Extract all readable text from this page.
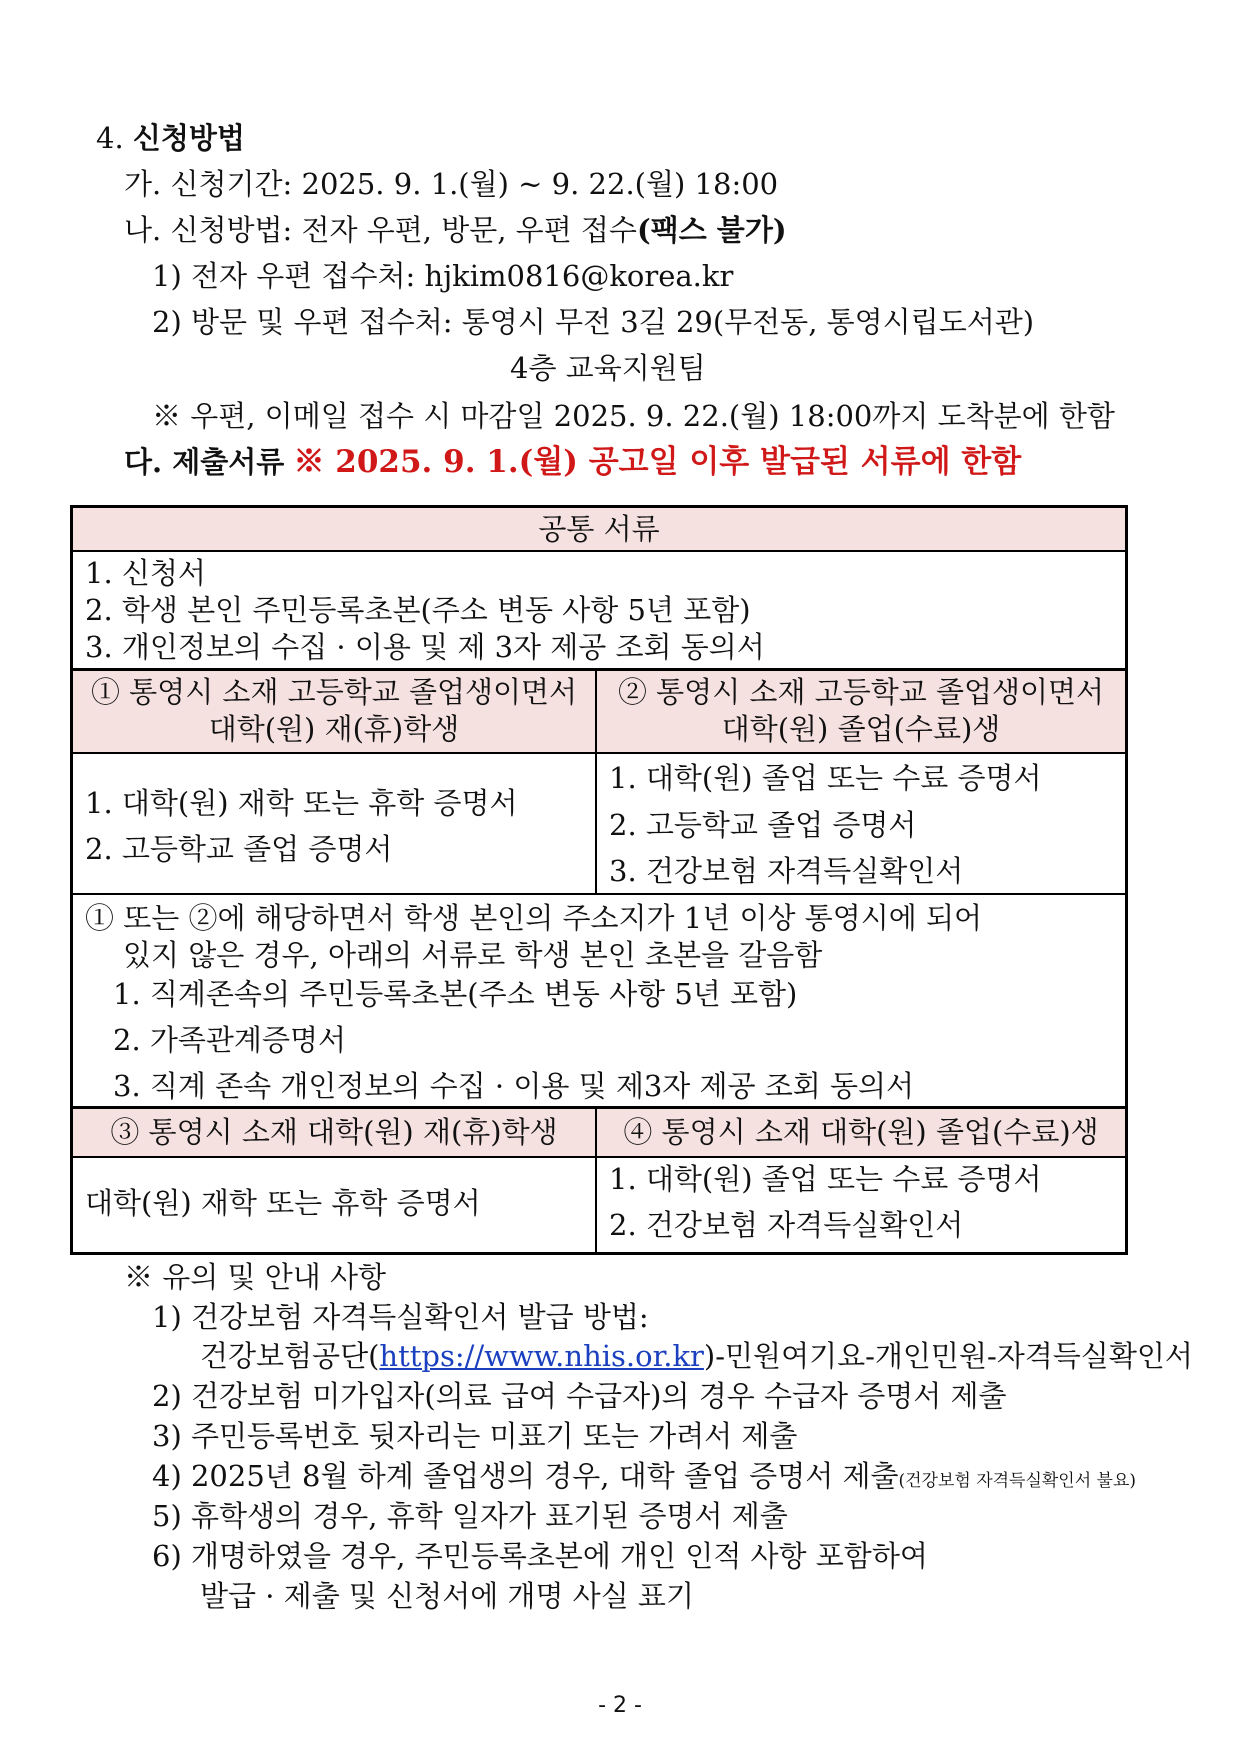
4. 신청방법
가. 신청기간: 2025. 9. 1.(월) ~ 9. 22.(월) 18:00
나. 신청방법: 전자 우편, 방문, 우편 접수(팩스 불가)
1) 전자 우편 접수처: hjkim0816@korea.kr
2) 방문 및 우편 접수처: 통영시 무전 3길 29(무전동, 통영시립도서관)
4층 교육지원팀
※ 우편, 이메일 접수 시 마감일 2025. 9. 22.(월) 18:00까지 도착분에 한함
다. 제출서류 ※ 2025. 9. 1.(월) 공고일 이후 발급된 서류에 한함
공통 서류
1. 신청서
2. 학생 본인 주민등록초본(주소 변동 사항 5년 포함)
3. 개인정보의 수집 · 이용 및 제 3자 제공 조회 동의서
① 통영시 소재 고등학교 졸업생이면서
대학(원) 재(휴)학생
② 통영시 소재 고등학교 졸업생이면서
대학(원) 졸업(수료)생
1. 대학(원) 재학 또는 휴학 증명서
2. 고등학교 졸업 증명서
1. 대학(원) 졸업 또는 수료 증명서
2. 고등학교 졸업 증명서
3. 건강보험 자격득실확인서
① 또는 ②에 해당하면서 학생 본인의 주소지가 1년 이상 통영시에 되어
있지 않은 경우, 아래의 서류로 학생 본인 초본을 갈음함
1. 직계존속의 주민등록초본(주소 변동 사항 5년 포함)
2. 가족관계증명서
3. 직계 존속 개인정보의 수집 · 이용 및 제3자 제공 조회 동의서
③ 통영시 소재 대학(원) 재(휴)학생	④ 통영시 소재 대학(원) 졸업(수료)생
대학(원) 재학 또는 휴학 증명서
1. 대학(원) 졸업 또는 수료 증명서
2. 건강보험 자격득실확인서
※ 유의 및 안내 사항
1) 건강보험 자격득실확인서 발급 방법:
건강보험공단(https://www.nhis.or.kr)-민원여기요-개인민원-자격득실확인서
2) 건강보험 미가입자(의료 급여 수급자)의 경우 수급자 증명서 제출
3) 주민등록번호 뒷자리는 미표기 또는 가려서 제출
4) 2025년 8월 하계 졸업생의 경우, 대학 졸업 증명서 제출(건강보험 자격득실확인서 불요)
5) 휴학생의 경우, 휴학 일자가 표기된 증명서 제출
6) 개명하였을 경우, 주민등록초본에 개인 인적 사항 포함하여
발급 · 제출 및 신청서에 개명 사실 표기
- 2 -
